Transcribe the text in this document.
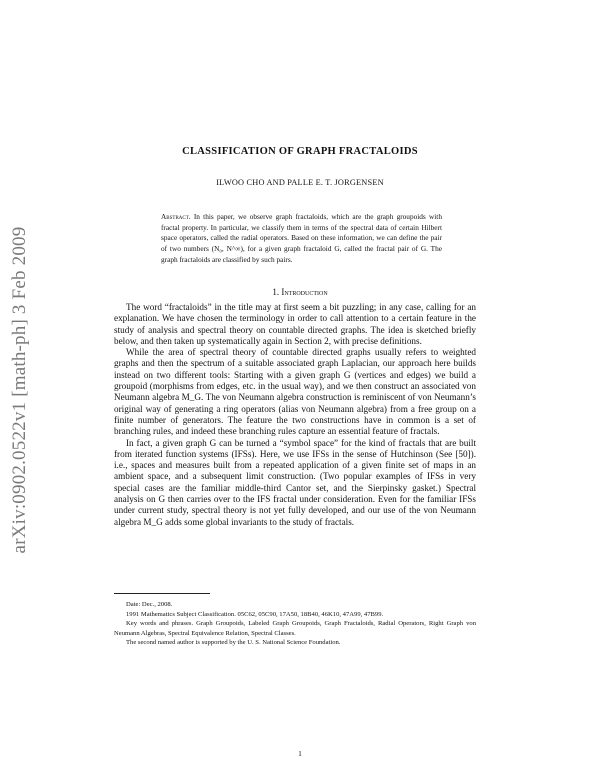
arXiv:0902.0522v1 [math-ph] 3 Feb 2009
CLASSIFICATION OF GRAPH FRACTALOIDS
ILWOO CHO AND PALLE E. T. JORGENSEN
Abstract. In this paper, we observe graph fractaloids, which are the graph groupoids with fractal property. In particular, we classify them in terms of the spectral data of certain Hilbert space operators, called the radial operators. Based on these information, we can define the pair of two numbers (N₀, N^∞), for a given graph fractaloid G, called the fractal pair of G. The graph fractaloids are classified by such pairs.
1. Introduction

The word “fractaloids” in the title may at first seem a bit puzzling; in any case, calling for an explanation. We have chosen the terminology in order to call attention to a certain feature in the study of analysis and spectral theory on countable directed graphs. The idea is sketched briefly below, and then taken up systematically again in Section 2, with precise definitions.

While the area of spectral theory of countable directed graphs usually refers to weighted graphs and then the spectrum of a suitable associated graph Laplacian, our approach here builds instead on two different tools: Starting with a given graph G (vertices and edges) we build a groupoid (morphisms from edges, etc. in the usual way), and we then construct an associated von Neumann algebra M_G. The von Neumann algebra construction is reminiscent of von Neumann’s original way of generating a ring operators (alias von Neumann algebra) from a free group on a finite number of generators. The feature the two constructions have in common is a set of branching rules, and indeed these branching rules capture an essential feature of fractals.

In fact, a given graph G can be turned a “symbol space” for the kind of fractals that are built from iterated function systems (IFSs). Here, we use IFSs in the sense of Hutchinson (See [50]). i.e., spaces and measures built from a repeated application of a given finite set of maps in an ambient space, and a subsequent limit construction. (Two popular examples of IFSs in very special cases are the familiar middle-third Cantor set, and the Sierpinsky gasket.) Spectral analysis on G then carries over to the IFS fractal under consideration. Even for the familiar IFSs under current study, spectral theory is not yet fully developed, and our use of the von Neumann algebra M_G adds some global invariants to the study of fractals.

Date: Dec., 2008.

1991 Mathematics Subject Classification. 05C62, 05C90, 17A50, 18B40, 46K10, 47A99, 47B99.

Key words and phrases. Graph Groupoids, Labeled Graph Groupoids, Graph Fractaloids, Radial Operators, Right Graph von Neumann Algebras, Spectral Equivalence Relation, Spectral Classes.

The second named author is supported by the U. S. National Science Foundation.

1
